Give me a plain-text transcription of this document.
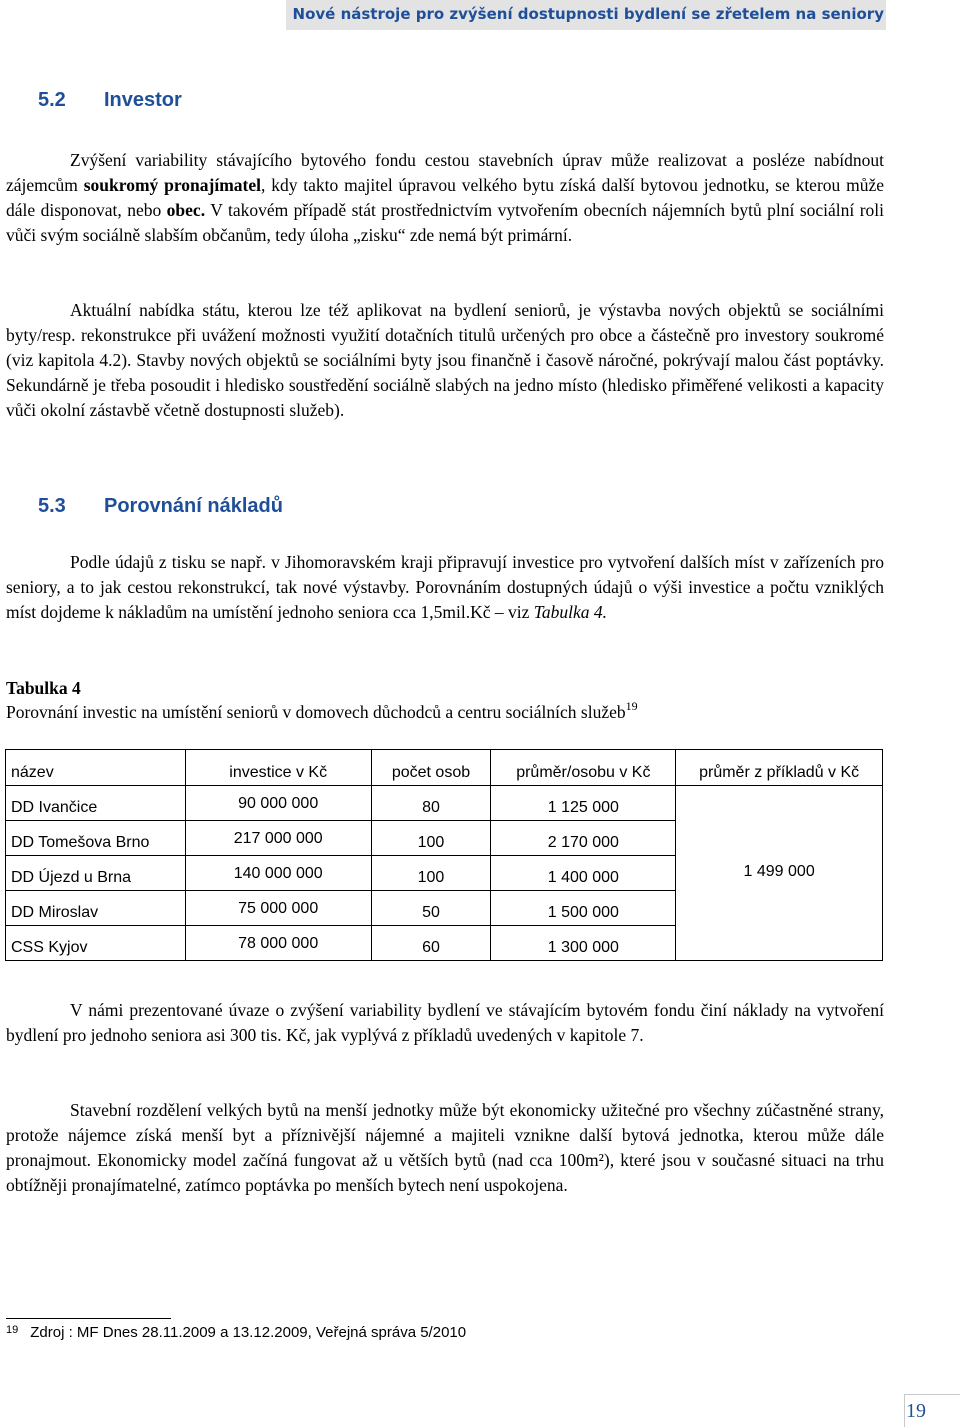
Nové nástroje pro zvýšení dostupnosti bydlení se zřetelem na seniory
5.2 Investor

Zvýšení variability stávajícího bytového fondu cestou stavebních úprav může realizovat a posléze nabídnout zájemcům soukromý pronajímatel, kdy takto majitel úpravou velkého bytu získá další bytovou jednotku, se kterou může dále disponovat, nebo obec. V takovém případě stát prostřednictvím vytvořením obecních nájemních bytů plní sociální roli vůči svým sociálně slabším občanům, tedy úloha „zisku“ zde nemá být primární.

Aktuální nabídka státu, kterou lze též aplikovat na bydlení seniorů, je výstavba nových objektů se sociálními byty/resp. rekonstrukce při uvážení možnosti využití dotačních titulů určených pro obce a částečně pro investory soukromé (viz kapitola 4.2). Stavby nových objektů se sociálními byty jsou finančně i časově náročné, pokrývají malou část poptávky. Sekundárně je třeba posoudit i hledisko soustředění sociálně slabých na jedno místo (hledisko přiměřené velikosti a kapacity vůči okolní zástavbě včetně dostupnosti služeb).

5.3 Porovnání nákladů

Podle údajů z tisku se např. v Jihomoravském kraji připravují investice pro vytvoření dalších míst v zařízeních pro seniory, a to jak cestou rekonstrukcí, tak nové výstavby. Porovnáním dostupných údajů o výši investice a počtu vzniklých míst dojdeme k nákladům na umístění jednoho seniora cca 1,5mil.Kč – viz Tabulka 4.

Tabulka 4
Porovnání investic na umístění seniorů v domovech důchodců a centru sociálních služeb$^{19}$
název	investice v Kč	počet osob	průměr/osobu v Kč	průměr z příkladů v Kč
DD Ivančice	90 000 000	80	1 125 000	1 499 000
DD Tomešova Brno	217 000 000	100	2 170 000	
DD Újezd u Brna	140 000 000	100	1 400 000	
DD Miroslav	75 000 000	50	1 500 000	
CSS Kyjov	78 000 000	60	1 300 000	

V námi prezentované úvaze o zvýšení variability bydlení ve stávajícím bytovém fondu činí náklady na vytvoření bydlení pro jednoho seniora asi 300 tis. Kč, jak vyplývá z příkladů uvedených v kapitole 7.

Stavební rozdělení velkých bytů na menší jednotky může být ekonomicky užitečné pro všechny zúčastněné strany, protože nájemce získá menší byt a příznivější nájemné a majiteli vznikne další bytová jednotka, kterou může dále pronajmout. Ekonomicky model začíná fungovat až u větších bytů (nad cca 100m²), které jsou v současné situaci na trhu obtížněji pronajímatelné, zatímco poptávka po menších bytech není uspokojena.

$^{19}$ Zdroj : MF Dnes 28.11.2009 a 13.12.2009, Veřejná správa 5/2010
19
